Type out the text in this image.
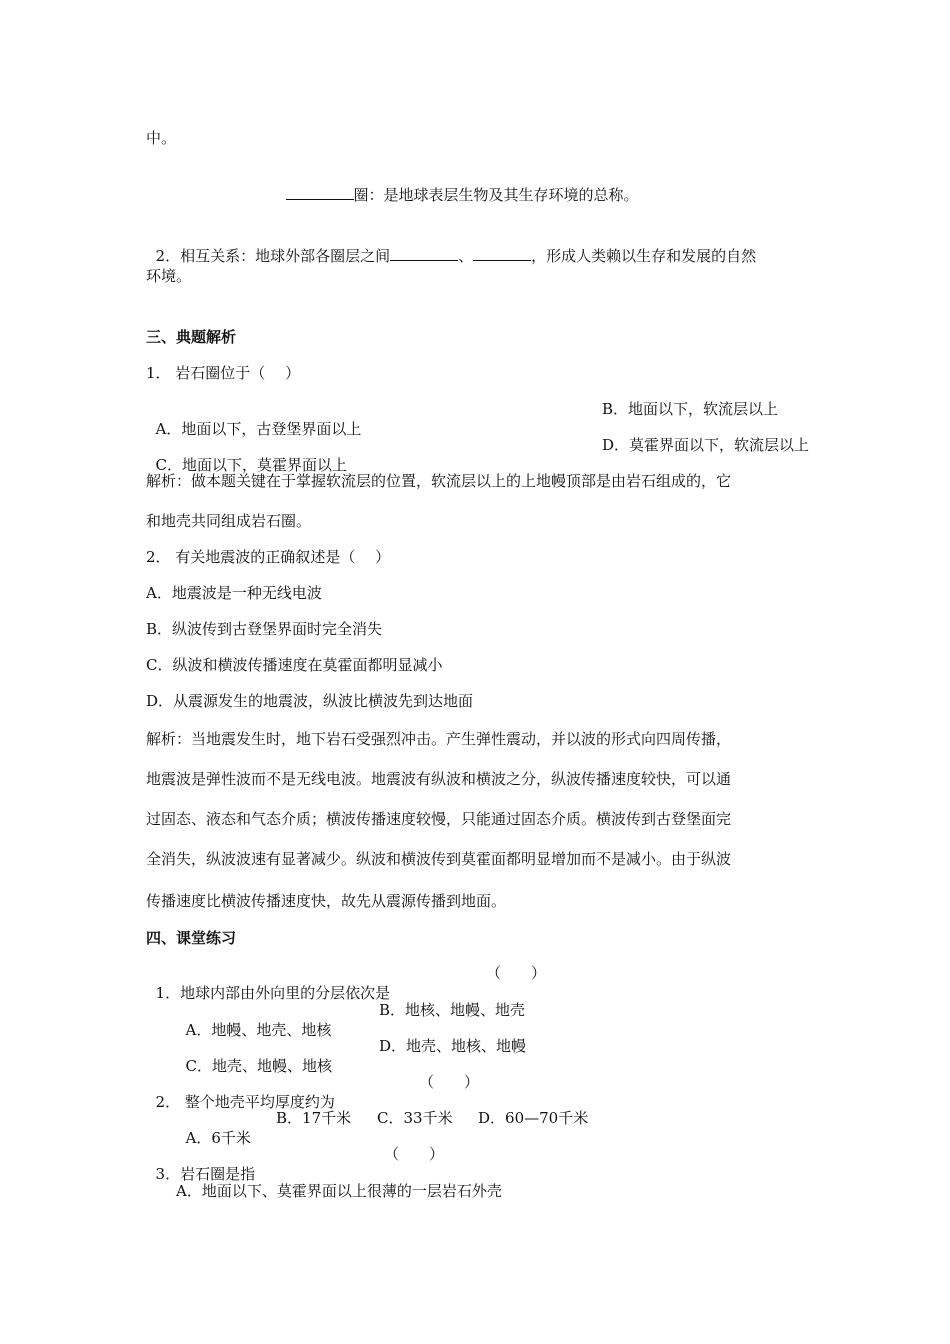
中。

圈：是地球表层生物及其生存环境的总称。

2．相互关系：地球外部各圈层之间	、	，形成人类赖以生存和发展的自然

环境。
三、典题解析
1． 岩石圈位于（　 ）

A．地面以下，古登堡界面以上

B．地面以下，软流层以上

C．地面以下，莫霍界面以上

D．莫霍界面以下，软流层以上

解析：做本题关键在于掌握软流层的位置，软流层以上的上地幔顶部是由岩石组成的，它
和地壳共同组成岩石圈。
2． 有关地震波的正确叙述是（　 ）
A．地震波是一种无线电波
B．纵波传到古登堡界面时完全消失
C．纵波和横波传播速度在莫霍面都明显减小
D．从震源发生的地震波，纵波比横波先到达地面
解析：当地震发生时，地下岩石受强烈冲击。产生弹性震动，并以波的形式向四周传播，
地震波是弹性波而不是无线电波。地震波有纵波和横波之分，纵波传播速度较快，可以通
过固态、液态和气态介质；横波传播速度较慢，只能通过固态介质。横波传到古登堡面完
全消失，纵波波速有显著减少。纵波和横波传到莫霍面都明显增加而不是减小。由于纵波
传播速度比横波传播速度快，故先从震源传播到地面。
四、课堂练习

1．地球内部由外向里的分层依次是

（　　）

A．地幔、地壳、地核

B．地核、地幔、地壳

C．地壳、地幔、地核

D．地壳、地核、地幔

2． 整个地壳平均厚度约为

（　　）

A．6千米

B．17千米

C．33千米

D．60—70千米

3．岩石圈是指

（　　）

A．地面以下、莫霍界面以上很薄的一层岩石外壳
